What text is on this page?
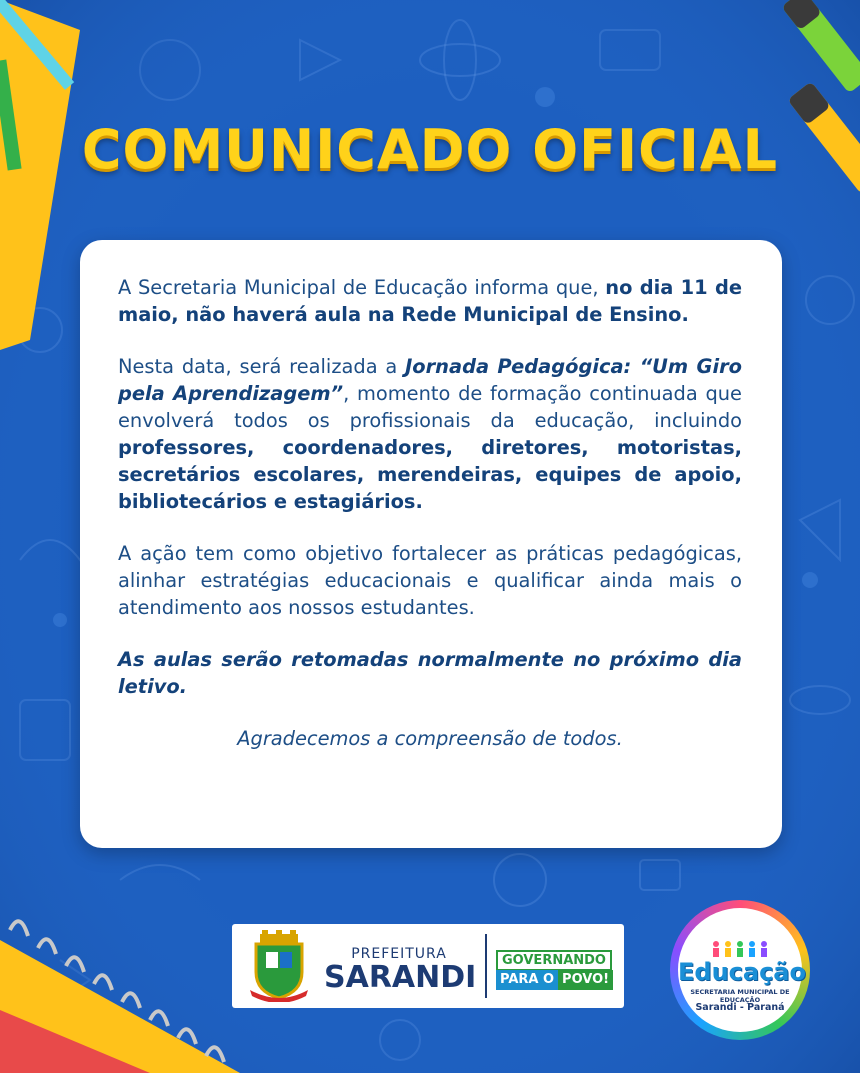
COMUNICADO OFICIAL

A Secretaria Municipal de Educação informa que, no dia 11 de maio, não haverá aula na Rede Municipal de Ensino.

Nesta data, será realizada a Jornada Pedagógica: “Um Giro pela Aprendizagem”, momento de formação continuada que envolverá todos os profissionais da educação, incluindo professores, coordenadores, diretores, motoristas, secretários escolares, merendeiras, equipes de apoio, bibliotecários e estagiários.

A ação tem como objetivo fortalecer as práticas pedagógicas, alinhar estratégias educacionais e qualificar ainda mais o atendimento aos nossos estudantes.

As aulas serão retomadas normalmente no próximo dia letivo.

Agradecemos a compreensão de todos.

PREFEITURA
SARANDI	GOVERNANDO
PARA O POVO!	Educação
SECRETARIA MUNICIPAL DE EDUCAÇÃO
Sarandi - Paraná
